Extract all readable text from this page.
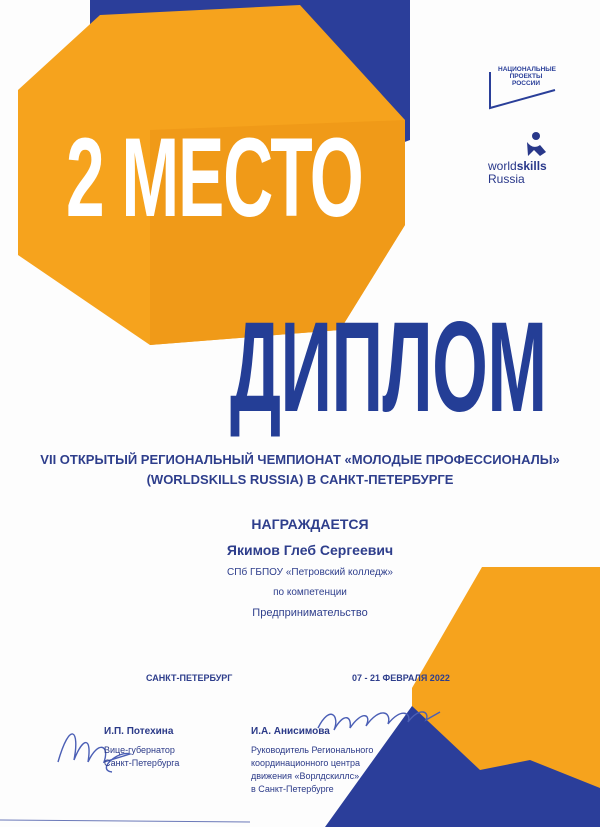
НАЦИОНАЛЬНЫЕ
ПРОЕКТЫ
РОССИИ
worldskills
Russia
2 МЕСТО
ДИПЛОМ
VII ОТКРЫТЫЙ РЕГИОНАЛЬНЫЙ ЧЕМПИОНАТ «МОЛОДЫЕ ПРОФЕССИОНАЛЫ»
(WORLDSKILLS RUSSIA) В САНКТ-ПЕТЕРБУРГЕ
НАГРАЖДАЕТСЯ
Якимов Глеб Сергеевич
СПб ГБПОУ «Петровский колледж»
по компетенции
Предпринимательство
САНКТ-ПЕТЕРБУРГ	07 - 21 ФЕВРАЛЯ 2022
И.П. Потехина
Вице-губернатор
Санкт-Петербурга
И.А. Анисимова
Руководитель Регионального
координационного центра
движения «Ворлдскиллс»
в Санкт-Петербурге
